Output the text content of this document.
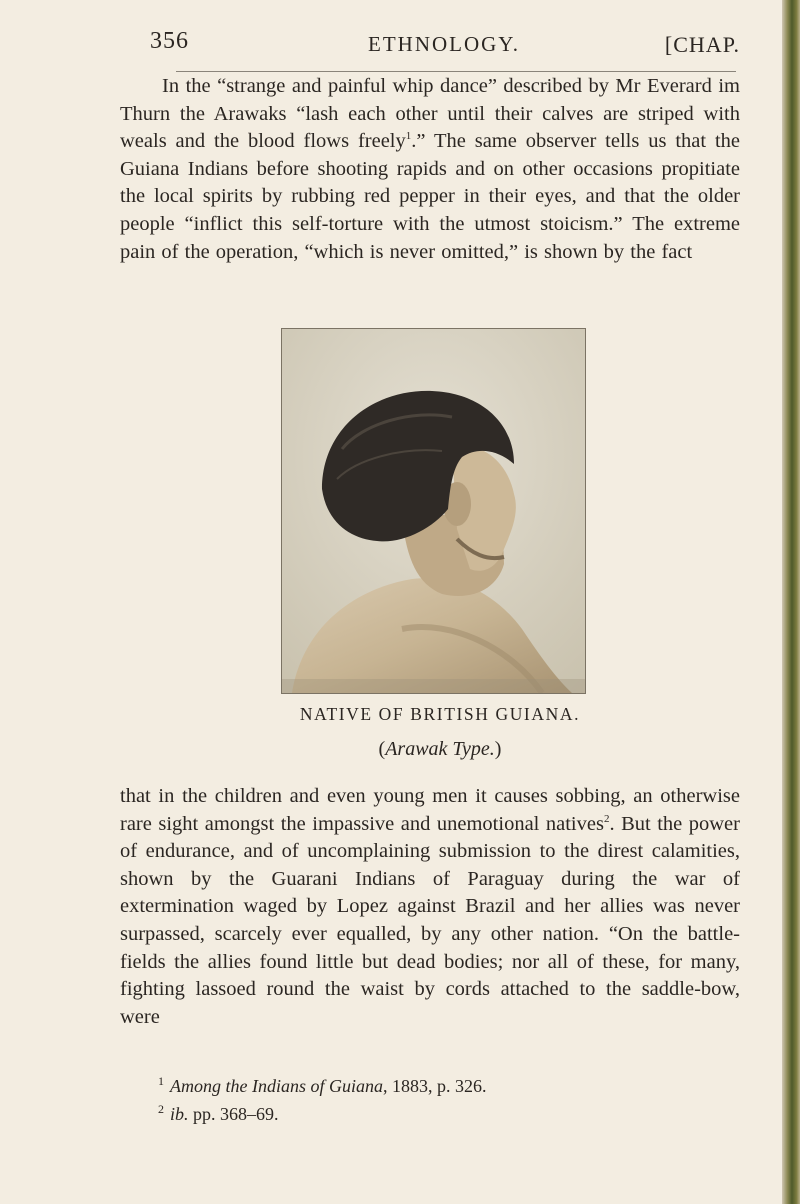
356	ETHNOLOGY.	[CHAP.
In the “strange and painful whip dance” described by Mr Everard im Thurn the Arawaks “lash each other until their calves are striped with weals and the blood flows freely$^1$.” The same observer tells us that the Guiana Indians before shooting rapids and on other occasions propitiate the local spirits by rubbing red pepper in their eyes, and that the older people “inflict this self-torture with the utmost stoicism.” The extreme pain of the operation, “which is never omitted,” is shown by the fact
NATIVE OF BRITISH GUIANA.
(Arawak Type.)
that in the children and even young men it causes sobbing, an otherwise rare sight amongst the impassive and unemotional natives$^2$. But the power of endurance, and of uncomplaining submission to the direst calamities, shown by the Guarani Indians of Paraguay during the war of extermination waged by Lopez against Brazil and her allies was never surpassed, scarcely ever equalled, by any other nation. “On the battle-fields the allies found little but dead bodies; nor all of these, for many, fighting lassoed round the waist by cords attached to the saddle-bow, were
$^1$ Among the Indians of Guiana, 1883, p. 326.
$^2$ ib. pp. 368–69.
